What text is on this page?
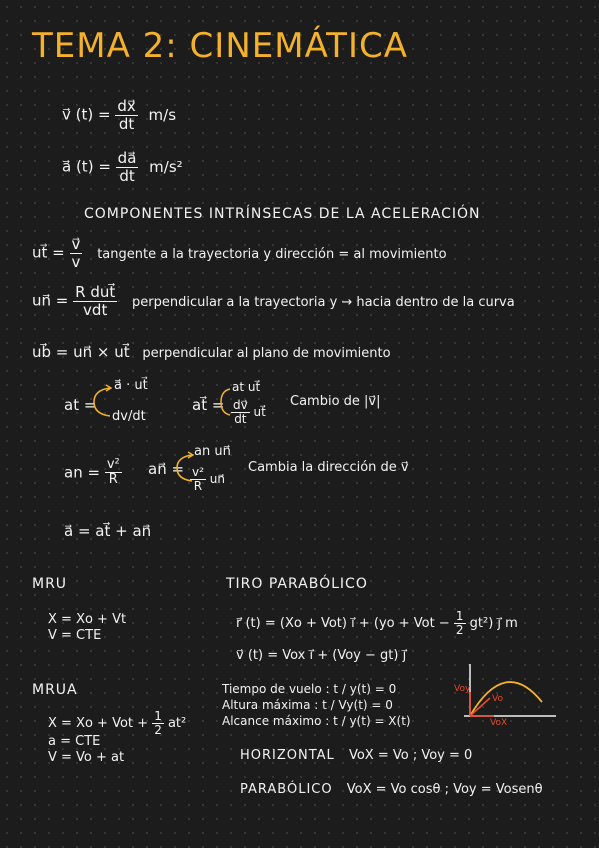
TEMA 2: CINEMÁTICA
v⃗ $(t) = \frac{dx⃗}{dt} m/s$
a⃗ $(t) = \frac{da⃗}{dt} m/s^2$
COMPONENTES INTRÍNSECAS DE LA ACELERACIÓN
ut⃗ = $\frac{v⃗}{v}$ tangente a la trayectoria y dirección = al movimiento
un⃗ = $\frac{\text{R dut⃗}}{\text{vdt}}$ perpendicular a la trayectoria y → hacia dentro de la curva
ub⃗ = un⃗ × ut⃗ perpendicular al plano de movimiento
at =
a⃗ · ut⃗
dv/dt
at⃗ =
at ut⃗
$\frac{dv⃗}{dt}$ ut⃗
Cambio de |v⃗|
an = $\frac{\text{v²}}{R}$ an⃗ =
an un⃗
$\frac{\text{v²}}{R}$ un⃗
Cambia la dirección de v⃗
a⃗ = at⃗ + an⃗
MRU
X = Xo + Vt
V = CTE
MRUA
X = Xo + Vot + $\frac{1}{2} at^2$
a = CTE
V = Vo + at
TIRO PARABÓLICO
r⃗ (t) = (Xo + Vot) i⃗ + (yo + Vot − $\frac{1}{2} gt^2$) j⃗ m
v⃗ (t) = Vox i⃗ + (Voy − gt) j⃗
Tiempo de vuelo : t / y(t) = 0
Altura máxima : t / Vy(t) = 0
Alcance máximo : t / y(t) = X(t)
Voy
Vo
VoX
HORIZONTAL VoX = Vo ; Voy = 0
PARABÓLICO VoX = Vo cosθ ; Voy = Vosenθ
